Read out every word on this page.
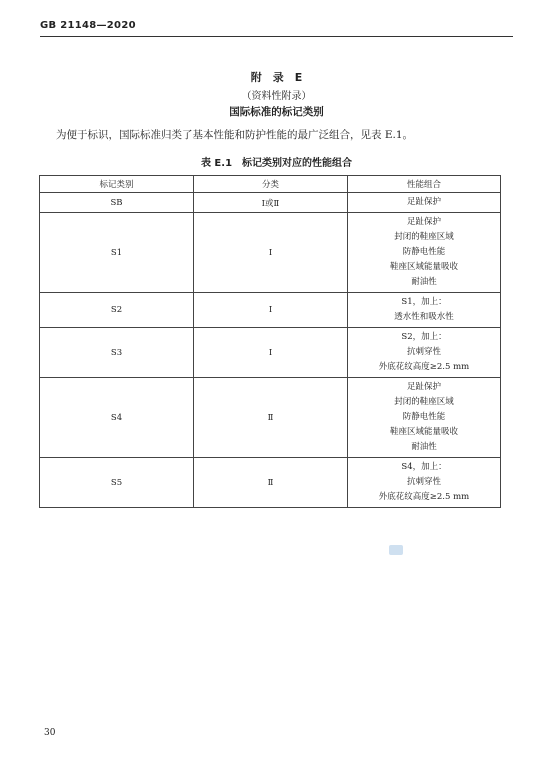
GB 21148—2020
附　录　E
（资料性附录）
国际标准的标记类别
为便于标识，国际标准归类了基本性能和防护性能的最广泛组合，见表 E.1。
表 E.1　标记类别对应的性能组合
标记类别	分类	性能组合
SB	Ⅰ或Ⅱ	足趾保护

S1	Ⅰ	足趾保护
封闭的鞋座区域
防静电性能
鞋座区域能量吸收
耐油性

S2	Ⅰ	S1，加上：
透水性和吸水性

S3	Ⅰ	S2，加上：
抗刺穿性
外底花纹高度≥2.5 mm

S4	Ⅱ	足趾保护
封闭的鞋座区域
防静电性能
鞋座区域能量吸收
耐油性

S5	Ⅱ	S4，加上：
抗刺穿性
外底花纹高度≥2.5 mm
30
